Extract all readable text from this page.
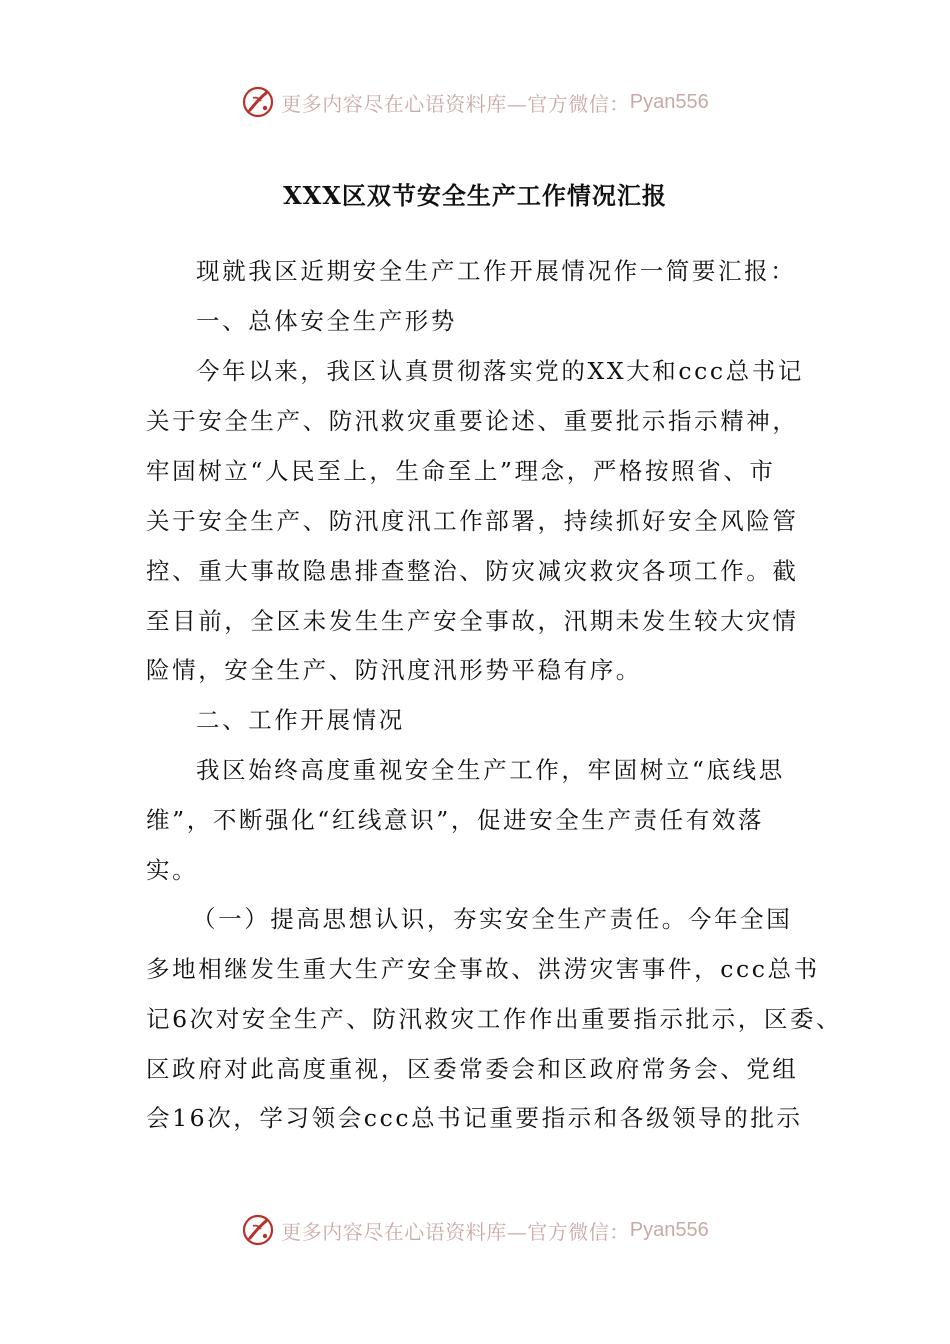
更多内容尽在心语资料库—官方微信： Pyan556
XXX区双节安全生产工作情况汇报
现就我区近期安全生产工作开展情况作一简要汇报：
一、总体安全生产形势
今年以来，我区认真贯彻落实党的XX大和ccc总书记
关于安全生产、防汛救灾重要论述、重要批示指示精神，
牢固树立“人民至上，生命至上”理念，严格按照省、市
关于安全生产、防汛度汛工作部署，持续抓好安全风险管
控、重大事故隐患排查整治、防灾减灾救灾各项工作。截
至目前，全区未发生生产安全事故，汛期未发生较大灾情
险情，安全生产、防汛度汛形势平稳有序。
二、工作开展情况
我区始终高度重视安全生产工作，牢固树立“底线思
维”，不断强化“红线意识”，促进安全生产责任有效落
实。
（一）提高思想认识，夯实安全生产责任。今年全国
多地相继发生重大生产安全事故、洪涝灾害事件，ccc总书
记6次对安全生产、防汛救灾工作作出重要指示批示，区委、
区政府对此高度重视，区委常委会和区政府常务会、党组
会16次，学习领会ccc总书记重要指示和各级领导的批示
更多内容尽在心语资料库—官方微信： Pyan556
